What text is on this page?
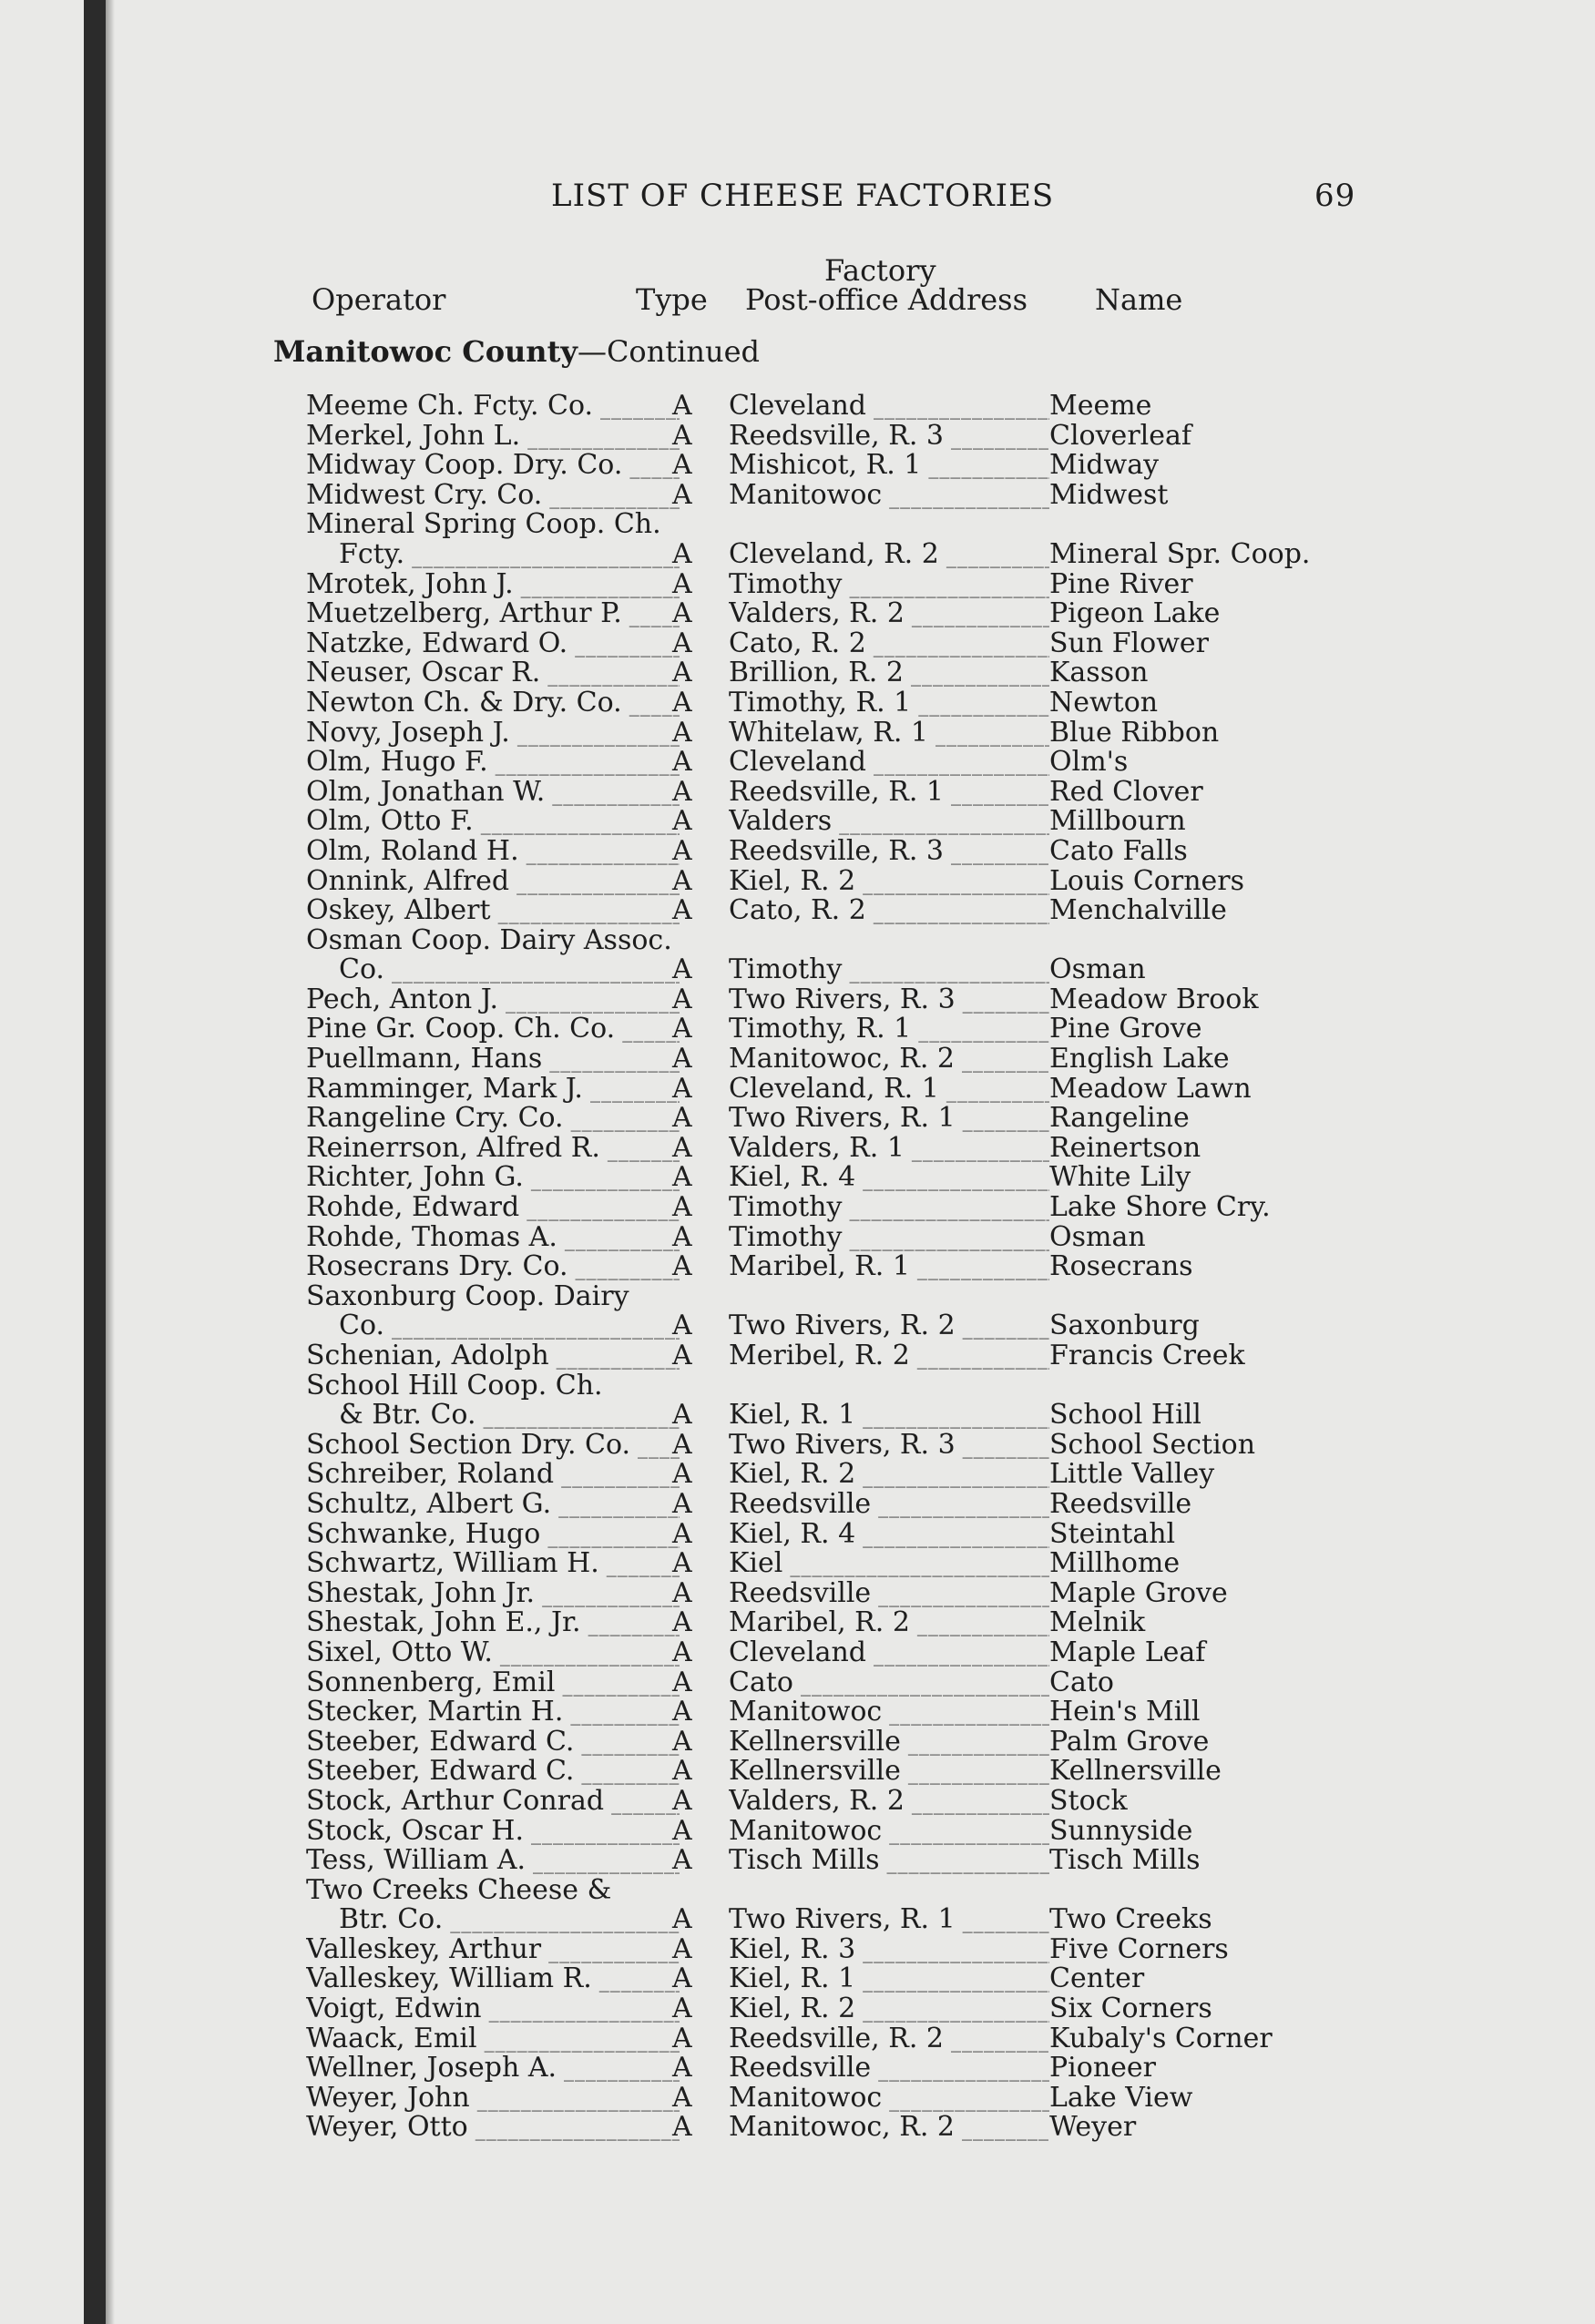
LIST OF CHEESE FACTORIES	69
Factory
Operator	Type Post-office Address Name
Manitowoc County—Continued
Meeme Ch. Fcty. Co. _____	A Cleveland _____	Meeme
Merkel, John L. _____	A Reedsville, R. 3 _____	Cloverleaf
Midway Coop. Dry. Co. _____	A Mishicot, R. 1 _____	Midway
Midwest Cry. Co. _____	A Manitowoc _____	Midwest
Mineral Spring Coop. Ch.
Fcty. _____	A Cleveland, R. 2 _____	Mineral Spr. Coop.
Mrotek, John J. _____	A Timothy _____	Pine River
Muetzelberg, Arthur P. _____	A Valders, R. 2 _____	Pigeon Lake
Natzke, Edward O. _____	A Cato, R. 2 _____	Sun Flower
Neuser, Oscar R. _____	A Brillion, R. 2 _____	Kasson
Newton Ch. & Dry. Co. _____	A Timothy, R. 1 _____	Newton
Novy, Joseph J. _____	A Whitelaw, R. 1 _____	Blue Ribbon
Olm, Hugo F. _____	A Cleveland _____	Olm's
Olm, Jonathan W. _____	A Reedsville, R. 1 _____	Red Clover
Olm, Otto F. _____	A Valders _____	Millbourn
Olm, Roland H. _____	A Reedsville, R. 3 _____	Cato Falls
Onnink, Alfred _____	A Kiel, R. 2 _____	Louis Corners
Oskey, Albert _____	A Cato, R. 2 _____	Menchalville
Osman Coop. Dairy Assoc.
Co. _____	A Timothy _____	Osman
Pech, Anton J. _____	A Two Rivers, R. 3 _____	Meadow Brook
Pine Gr. Coop. Ch. Co. _____	A Timothy, R. 1 _____	Pine Grove
Puellmann, Hans _____	A Manitowoc, R. 2 _____	English Lake
Ramminger, Mark J. _____	A Cleveland, R. 1 _____	Meadow Lawn
Rangeline Cry. Co. _____	A Two Rivers, R. 1 _____	Rangeline
Reinerrson, Alfred R. _____	A Valders, R. 1 _____	Reinertson
Richter, John G. _____	A Kiel, R. 4 _____	White Lily
Rohde, Edward _____	A Timothy _____	Lake Shore Cry.
Rohde, Thomas A. _____	A Timothy _____	Osman
Rosecrans Dry. Co. _____	A Maribel, R. 1 _____	Rosecrans
Saxonburg Coop. Dairy
Co. _____	A Two Rivers, R. 2 _____	Saxonburg
Schenian, Adolph _____	A Meribel, R. 2 _____	Francis Creek
School Hill Coop. Ch.
& Btr. Co. _____	A Kiel, R. 1 _____	School Hill
School Section Dry. Co. _____	A Two Rivers, R. 3 _____	School Section
Schreiber, Roland _____	A Kiel, R. 2 _____	Little Valley
Schultz, Albert G. _____	A Reedsville _____	Reedsville
Schwanke, Hugo _____	A Kiel, R. 4 _____	Steintahl
Schwartz, William H. _____	A Kiel _____	Millhome
Shestak, John Jr. _____	A Reedsville _____	Maple Grove
Shestak, John E., Jr. _____	A Maribel, R. 2 _____	Melnik
Sixel, Otto W. _____	A Cleveland _____	Maple Leaf
Sonnenberg, Emil _____	A Cato _____	Cato
Stecker, Martin H. _____	A Manitowoc _____	Hein's Mill
Steeber, Edward C. _____	A Kellnersville _____	Palm Grove
Steeber, Edward C. _____	A Kellnersville _____	Kellnersville
Stock, Arthur Conrad _____	A Valders, R. 2 _____	Stock
Stock, Oscar H. _____	A Manitowoc _____	Sunnyside
Tess, William A. _____	A Tisch Mills _____	Tisch Mills
Two Creeks Cheese &
Btr. Co. _____	A Two Rivers, R. 1 _____	Two Creeks
Valleskey, Arthur _____	A Kiel, R. 3 _____	Five Corners
Valleskey, William R. _____	A Kiel, R. 1 _____	Center
Voigt, Edwin _____	A Kiel, R. 2 _____	Six Corners
Waack, Emil _____	A Reedsville, R. 2 _____	Kubaly's Corner
Wellner, Joseph A. _____	A Reedsville _____	Pioneer
Weyer, John _____	A Manitowoc _____	Lake View
Weyer, Otto _____	A Manitowoc, R. 2 _____	Weyer
